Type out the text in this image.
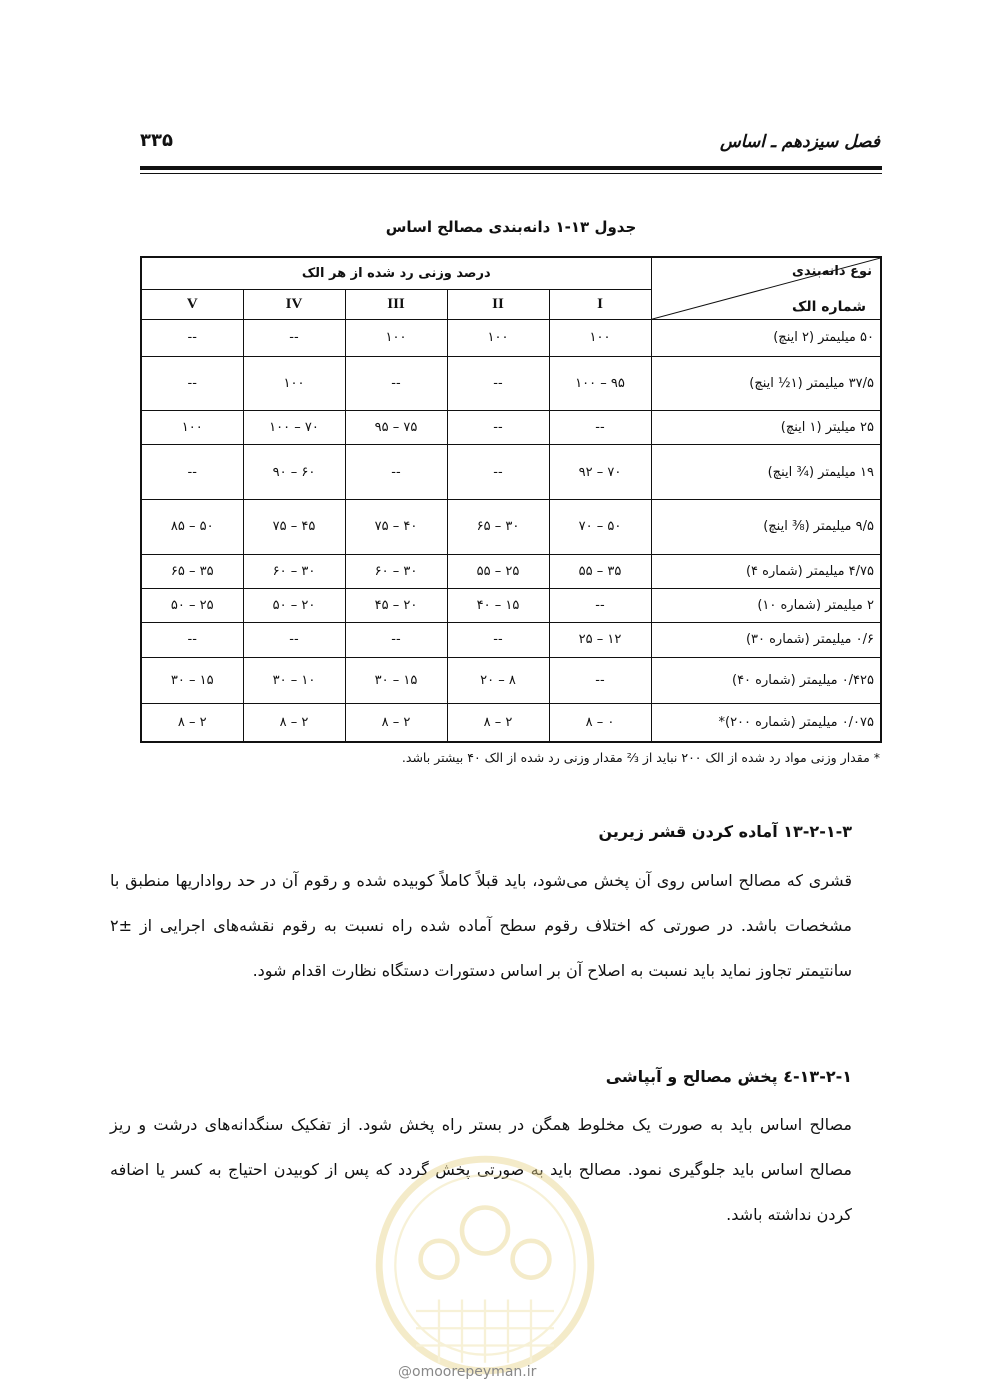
فصل سیزدهم ـ اساس
۳۳۵
جدول ۱۳-۱ دانه‌بندی مصالح اساس
نوع دانه‌بندی
شماره الک	درصد وزنی رد شده از هر الک				
	I	II	III	IV	V
۵۰ میلیمتر (۲ اینچ)	۱۰۰	۱۰۰	۱۰۰	--	--
۳۷/۵ میلیمتر (۱½ اینچ)	۹۵ – ۱۰۰	--	--	۱۰۰	--
۲۵ میلیتر (۱ اینچ)	--	--	۷۵ – ۹۵	۷۰ – ۱۰۰	۱۰۰
۱۹ میلیمتر (¾ اینچ)	۷۰ – ۹۲	--	--	۶۰ – ۹۰	--
۹/۵ میلیمتر (⅜ اینچ)	۵۰ – ۷۰	۳۰ – ۶۵	۴۰ – ۷۵	۴۵ – ۷۵	۵۰ – ۸۵
۴/۷۵ میلیمتر (شماره ۴)	۳۵ – ۵۵	۲۵ – ۵۵	۳۰ – ۶۰	۳۰ – ۶۰	۳۵ – ۶۵
۲ میلیمتر (شماره ۱۰)	--	۱۵ – ۴۰	۲۰ – ۴۵	۲۰ – ۵۰	۲۵ – ۵۰
۰/۶ میلیمتر (شماره ۳۰)	۱۲ – ۲۵	--	--	--	--
۰/۴۲۵ میلیمتر (شماره ۴۰)	--	۸ – ۲۰	۱۵ – ۳۰	۱۰ – ۳۰	۱۵ – ۳۰
۰/۰۷۵ میلیمتر (شماره ۲۰۰)*	۰ – ۸	۲ – ۸	۲ – ۸	۲ – ۸	۲ – ۸
* مقدار وزنی مواد رد شده از الک ۲۰۰ نباید از ⅔ مقدار وزنی رد شده از الک ۴۰ بیشتر باشد.
۱۳-۲-۱-۳ آماده کردن قشر زیرین
قشری که مصالح اساس روی آن پخش می‌شود، باید قبلاً کاملاً کوبیده شده و رقوم آن در حد رواداریها منطبق با مشخصات باشد. در صورتی که اختلاف رقوم سطح آماده شده راه نسبت به رقوم نقشه‌های اجرایی از ±۲ سانتیمتر تجاوز نماید باید نسبت به اصلاح آن بر اساس دستورات دستگاه نظارت اقدام شود.
۱۳-۲-۱-٤ پخش مصالح و آبپاشی
مصالح اساس باید به صورت یک مخلوط همگن در بستر راه پخش شود. از تفکیک سنگدانه‌های درشت و ریز مصالح اساس باید جلوگیری نمود. مصالح باید به صورتی پخش گردد که پس از کوبیدن احتیاج به کسر یا اضافه کردن نداشته باشد.
@omoorepeyman.ir
